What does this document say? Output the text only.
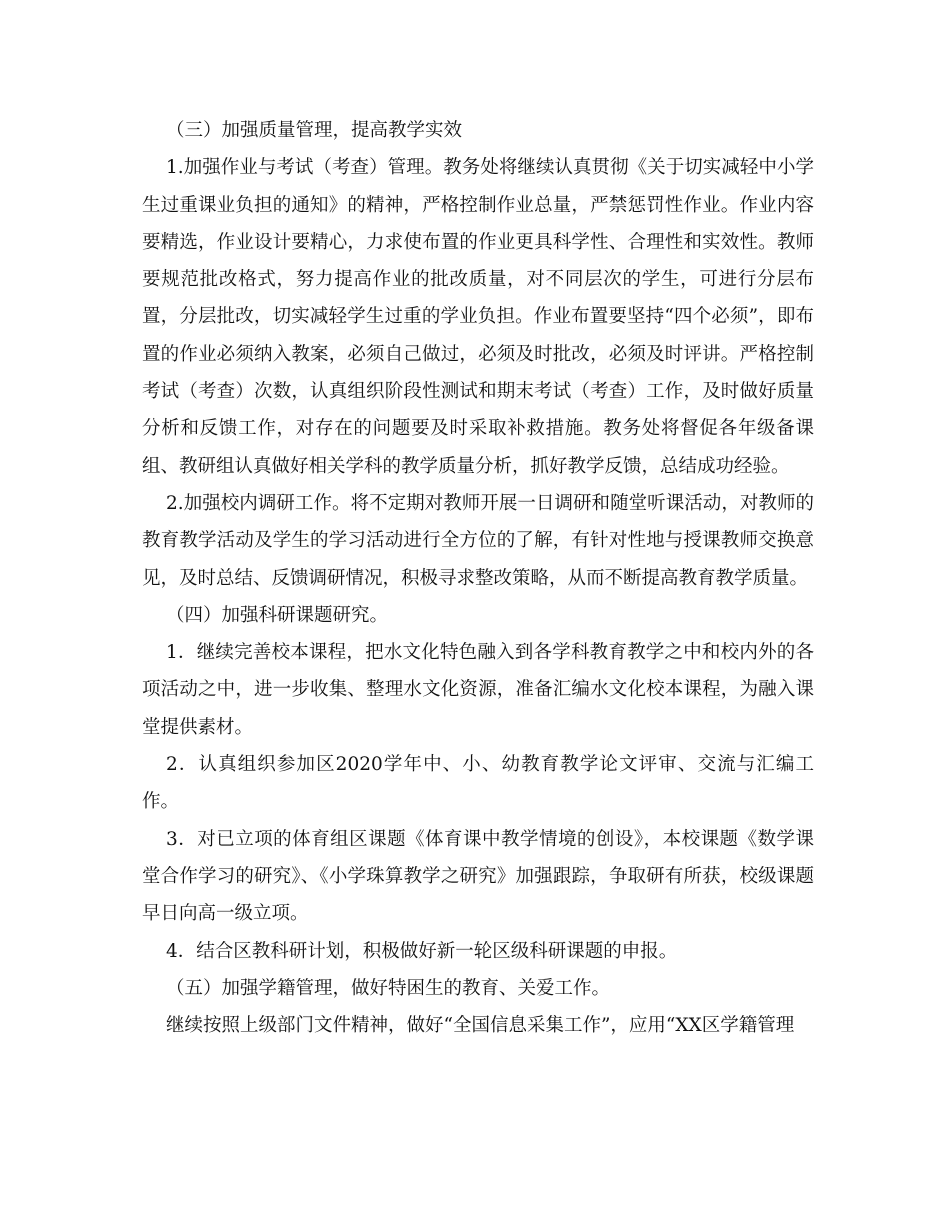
（三）加强质量管理，提高教学实效

1.加强作业与考试（考查）管理。教务处将继续认真贯彻《关于切实减轻中小学生过重课业负担的通知》的精神，严格控制作业总量，严禁惩罚性作业。作业内容要精选，作业设计要精心，力求使布置的作业更具科学性、合理性和实效性。教师要规范批改格式，努力提高作业的批改质量，对不同层次的学生，可进行分层布置，分层批改，切实减轻学生过重的学业负担。作业布置要坚持“四个必须”，即布置的作业必须纳入教案，必须自己做过，必须及时批改，必须及时评讲。严格控制考试（考查）次数，认真组织阶段性测试和期末考试（考查）工作，及时做好质量分析和反馈工作，对存在的问题要及时采取补救措施。教务处将督促各年级备课组、教研组认真做好相关学科的教学质量分析，抓好教学反馈，总结成功经验。

2.加强校内调研工作。将不定期对教师开展一日调研和随堂听课活动，对教师的教育教学活动及学生的学习活动进行全方位的了解，有针对性地与授课教师交换意见，及时总结、反馈调研情况，积极寻求整改策略，从而不断提高教育教学质量。

（四）加强科研课题研究。

1．继续完善校本课程，把水文化特色融入到各学科教育教学之中和校内外的各项活动之中，进一步收集、整理水文化资源，准备汇编水文化校本课程，为融入课堂提供素材。

2．认真组织参加区2020学年中、小、幼教育教学论文评审、交流与汇编工作。

3．对已立项的体育组区课题《体育课中教学情境的创设》，本校课题《数学课堂合作学习的研究》、《小学珠算教学之研究》加强跟踪，争取研有所获，校级课题早日向高一级立项。

4．结合区教科研计划，积极做好新一轮区级科研课题的申报。

（五）加强学籍管理，做好特困生的教育、关爱工作。

继续按照上级部门文件精神，做好“全国信息采集工作”，应用“XX区学籍管理
